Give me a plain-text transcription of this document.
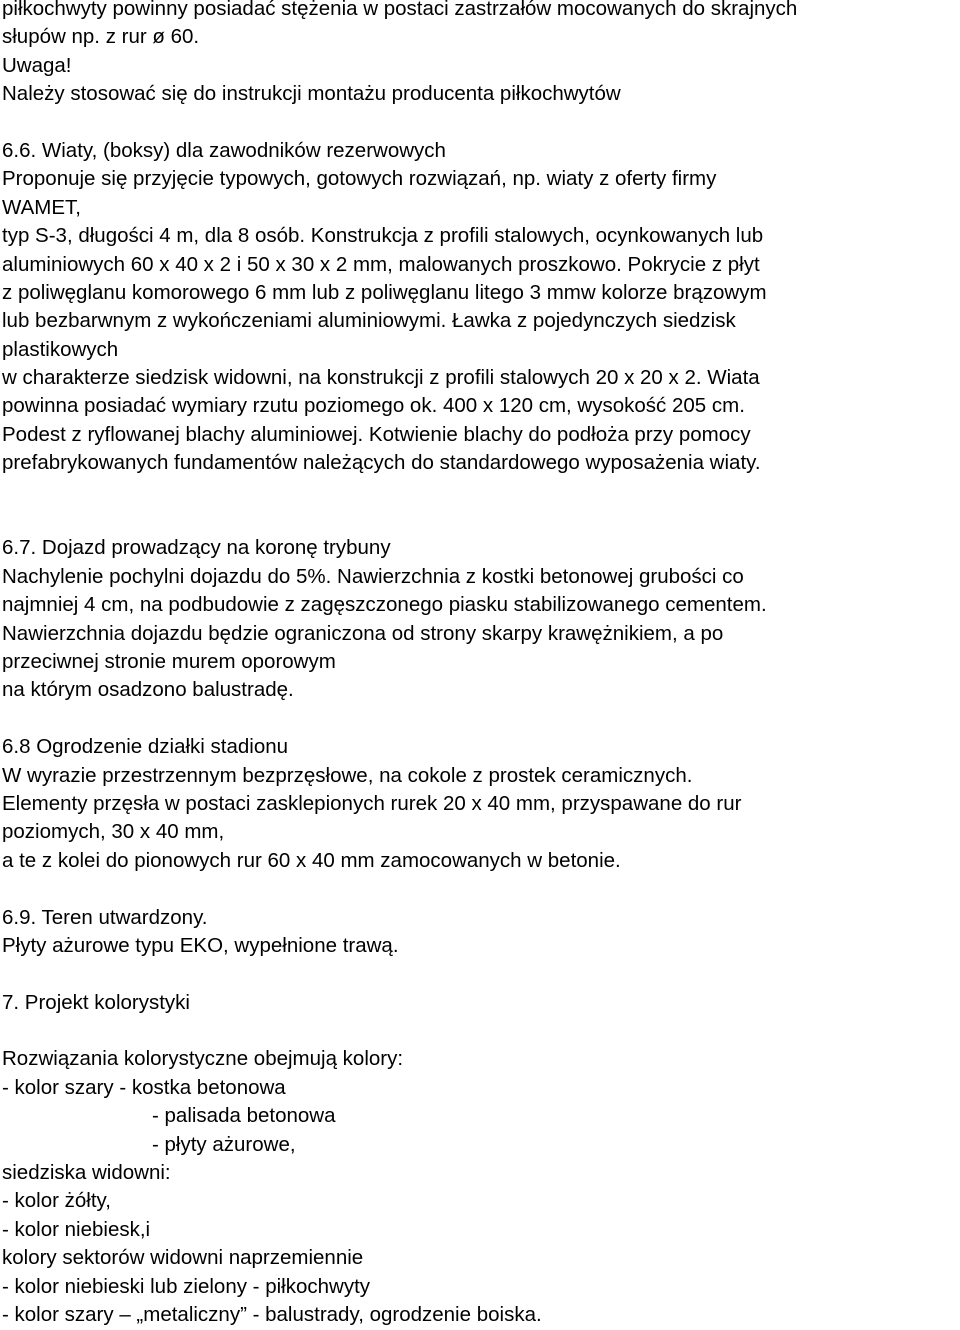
piłkochwyty powinny posiadać stężenia w postaci zastrzałów mocowanych do skrajnych
słupów np. z rur ø 60.
Uwaga!
Należy stosować się do instrukcji montażu producenta piłkochwytów
6.6. Wiaty, (boksy) dla zawodników rezerwowych
Proponuje się przyjęcie typowych, gotowych rozwiązań, np. wiaty z oferty firmy
WAMET,
typ S-3, długości 4 m, dla 8 osób. Konstrukcja z profili stalowych, ocynkowanych lub
aluminiowych 60 x 40 x 2 i 50 x 30 x 2 mm, malowanych proszkowo. Pokrycie z płyt
z poliwęglanu komorowego 6 mm lub z poliwęglanu litego 3 mmw kolorze brązowym
lub bezbarwnym z wykończeniami aluminiowymi. Ławka z pojedynczych siedzisk
plastikowych
w charakterze siedzisk widowni, na konstrukcji z profili stalowych 20 x 20 x 2. Wiata
powinna posiadać wymiary rzutu poziomego ok. 400 x 120 cm, wysokość 205 cm.
Podest z ryflowanej blachy aluminiowej. Kotwienie blachy do podłoża przy pomocy
prefabrykowanych fundamentów należących do standardowego wyposażenia wiaty.
6.7. Dojazd prowadzący na koronę trybuny
Nachylenie pochylni dojazdu do 5%. Nawierzchnia z kostki betonowej grubości co
najmniej 4 cm, na podbudowie z zagęszczonego piasku stabilizowanego cementem.
Nawierzchnia dojazdu będzie ograniczona od strony skarpy krawężnikiem, a po
przeciwnej stronie murem oporowym
na którym osadzono balustradę.
6.8 Ogrodzenie działki stadionu
W wyrazie przestrzennym bezprzęsłowe, na cokole z prostek ceramicznych.
Elementy przęsła w postaci zasklepionych rurek 20 x 40 mm, przyspawane do rur
poziomych, 30 x 40 mm,
a te z kolei do pionowych rur 60 x 40 mm zamocowanych w betonie.
6.9. Teren utwardzony.
Płyty ażurowe typu EKO, wypełnione trawą.
7. Projekt kolorystyki
Rozwiązania kolorystyczne obejmują kolory:
- kolor szary - kostka betonowa
- palisada betonowa
- płyty ażurowe,
siedziska widowni:
- kolor żółty,
- kolor niebiesk,i
kolory sektorów widowni naprzemiennie
- kolor niebieski lub zielony - piłkochwyty
- kolor szary – „metaliczny” - balustrady, ogrodzenie boiska.
